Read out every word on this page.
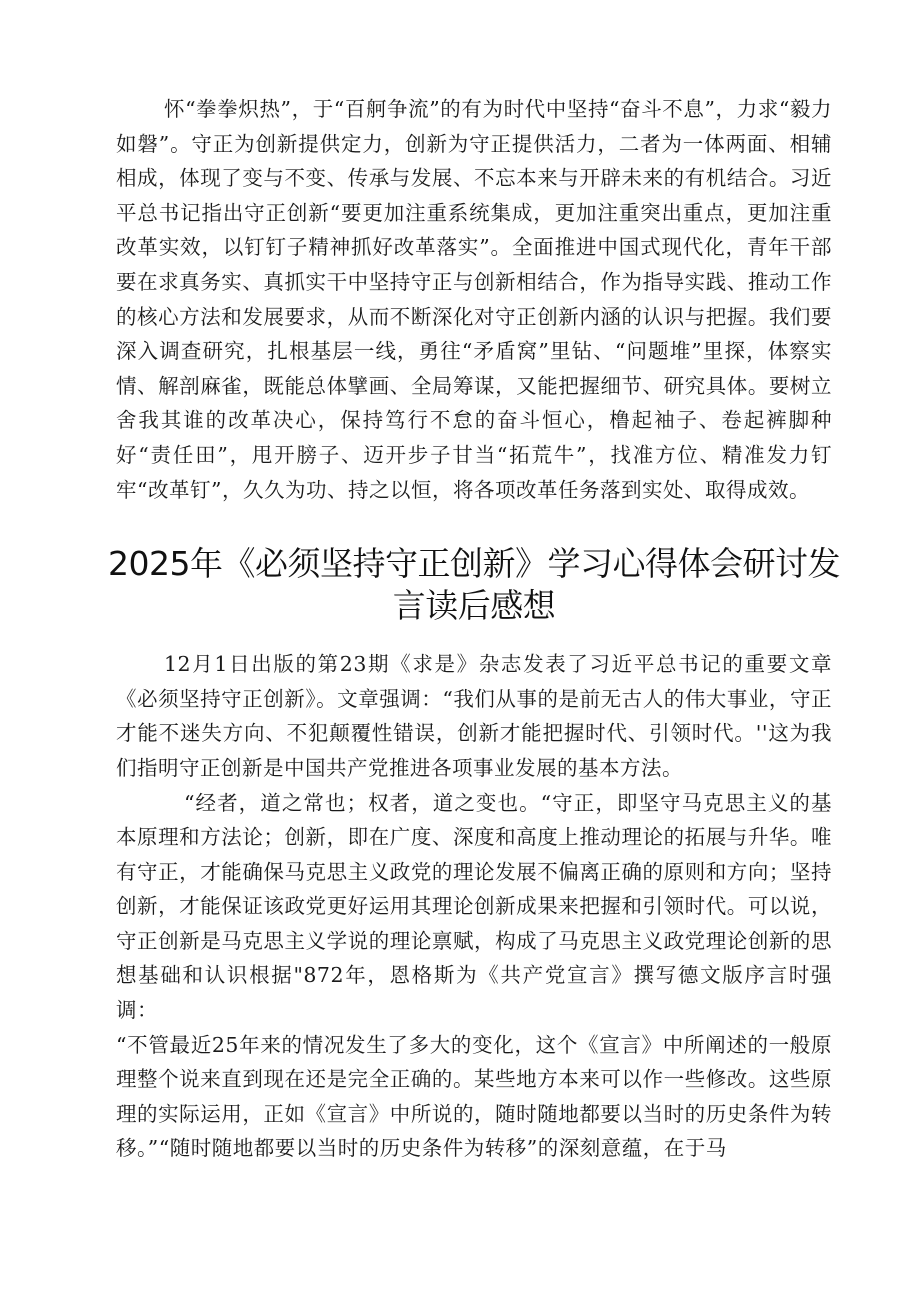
怀“拳拳炽热”，于“百舸争流”的有为时代中坚持“奋斗不息”，力求“毅力如磐”。守正为创新提供定力，创新为守正提供活力，二者为一体两面、相辅相成，体现了变与不变、传承与发展、不忘本来与开辟未来的有机结合。习近平总书记指出守正创新“要更加注重系统集成，更加注重突出重点，更加注重改革实效，以钉钉子精神抓好改革落实”。全面推进中国式现代化，青年干部要在求真务实、真抓实干中坚持守正与创新相结合，作为指导实践、推动工作的核心方法和发展要求，从而不断深化对守正创新内涵的认识与把握。我们要深入调查研究，扎根基层一线，勇往“矛盾窝”里钻、“问题堆”里探，体察实情、解剖麻雀，既能总体擘画、全局筹谋，又能把握细节、研究具体。要树立舍我其谁的改革决心，保持笃行不怠的奋斗恒心，橹起袖子、卷起裤脚种好“责任田”，甩开膀子、迈开步子甘当“拓荒牛”，找准方位、精准发力钉牢“改革钉”，久久为功、持之以恒，将各项改革任务落到实处、取得成效。

2025年《必须坚持守正创新》学习心得体会研讨发言读后感想

12月1日出版的第23期《求是》杂志发表了习近平总书记的重要文章《必须坚持守正创新》。文章强调：“我们从事的是前无古人的伟大事业，守正才能不迷失方向、不犯颠覆性错误，创新才能把握时代、引领时代。''这为我们指明守正创新是中国共产党推进各项事业发展的基本方法。

“经者，道之常也；权者，道之变也。“守正，即坚守马克思主义的基本原理和方法论；创新，即在广度、深度和高度上推动理论的拓展与升华。唯有守正，才能确保马克思主义政党的理论发展不偏离正确的原则和方向；坚持创新，才能保证该政党更好运用其理论创新成果来把握和引领时代。可以说，守正创新是马克思主义学说的理论禀赋，构成了马克思主义政党理论创新的思想基础和认识根据"872年，恩格斯为《共产党宣言》撰写德文版序言时强调：

“不管最近25年来的情况发生了多大的变化，这个《宣言》中所阐述的一般原理整个说来直到现在还是完全正确的。某些地方本来可以作一些修改。这些原理的实际运用，正如《宣言》中所说的，随时随地都要以当时的历史条件为转移。”“随时随地都要以当时的历史条件为转移”的深刻意蕴，在于马
